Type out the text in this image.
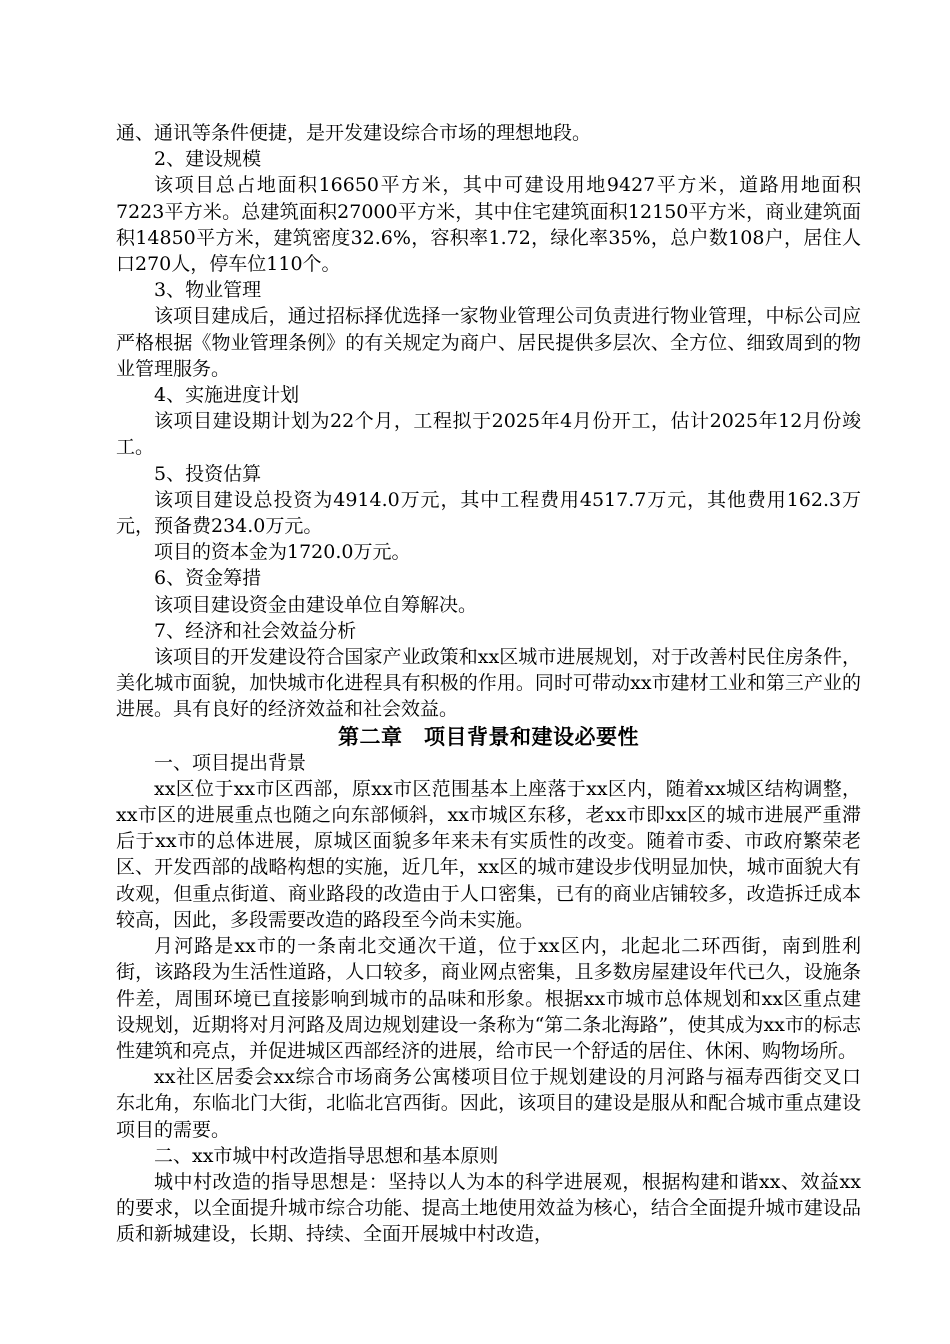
通、通讯等条件便捷，是开发建设综合市场的理想地段。

2、建设规模

该项目总占地面积16650平方米，其中可建设用地9427平方米，道路用地面积7223平方米。总建筑面积27000平方米，其中住宅建筑面积12150平方米，商业建筑面积14850平方米，建筑密度32.6%，容积率1.72，绿化率35%，总户数108户，居住人口270人，停车位110个。

3、物业管理

该项目建成后，通过招标择优选择一家物业管理公司负责进行物业管理，中标公司应严格根据《物业管理条例》的有关规定为商户、居民提供多层次、全方位、细致周到的物业管理服务。

4、实施进度计划

该项目建设期计划为22个月，工程拟于2025年4月份开工，估计2025年12月份竣工。

5、投资估算

该项目建设总投资为4914.0万元，其中工程费用4517.7万元，其他费用162.3万元，预备费234.0万元。

项目的资本金为1720.0万元。

6、资金筹措

该项目建设资金由建设单位自筹解决。

7、经济和社会效益分析

该项目的开发建设符合国家产业政策和xx区城市进展规划，对于改善村民住房条件，美化城市面貌，加快城市化进程具有积极的作用。同时可带动xx市建材工业和第三产业的进展。具有良好的经济效益和社会效益。

第二章　项目背景和建设必要性

一、项目提出背景

xx区位于xx市区西部，原xx市区范围基本上座落于xx区内，随着xx城区结构调整，xx市区的进展重点也随之向东部倾斜，xx市城区东移，老xx市即xx区的城市进展严重滞后于xx市的总体进展，原城区面貌多年来未有实质性的改变。随着市委、市政府繁荣老区、开发西部的战略构想的实施，近几年，xx区的城市建设步伐明显加快，城市面貌大有改观，但重点街道、商业路段的改造由于人口密集，已有的商业店铺较多，改造拆迁成本较高，因此，多段需要改造的路段至今尚未实施。

月河路是xx市的一条南北交通次干道，位于xx区内，北起北二环西街，南到胜利街，该路段为生活性道路，人口较多，商业网点密集，且多数房屋建设年代已久，设施条件差，周围环境已直接影响到城市的品味和形象。根据xx市城市总体规划和xx区重点建设规划，近期将对月河路及周边规划建设一条称为“第二条北海路”，使其成为xx市的标志性建筑和亮点，并促进城区西部经济的进展，给市民一个舒适的居住、休闲、购物场所。

xx社区居委会xx综合市场商务公寓楼项目位于规划建设的月河路与福寿西街交叉口东北角，东临北门大街，北临北宫西街。因此，该项目的建设是服从和配合城市重点建设项目的需要。

二、xx市城中村改造指导思想和基本原则

城中村改造的指导思想是：坚持以人为本的科学进展观，根据构建和谐xx、效益xx的要求，以全面提升城市综合功能、提高土地使用效益为核心，结合全面提升城市建设品质和新城建设，长期、持续、全面开展城中村改造，
